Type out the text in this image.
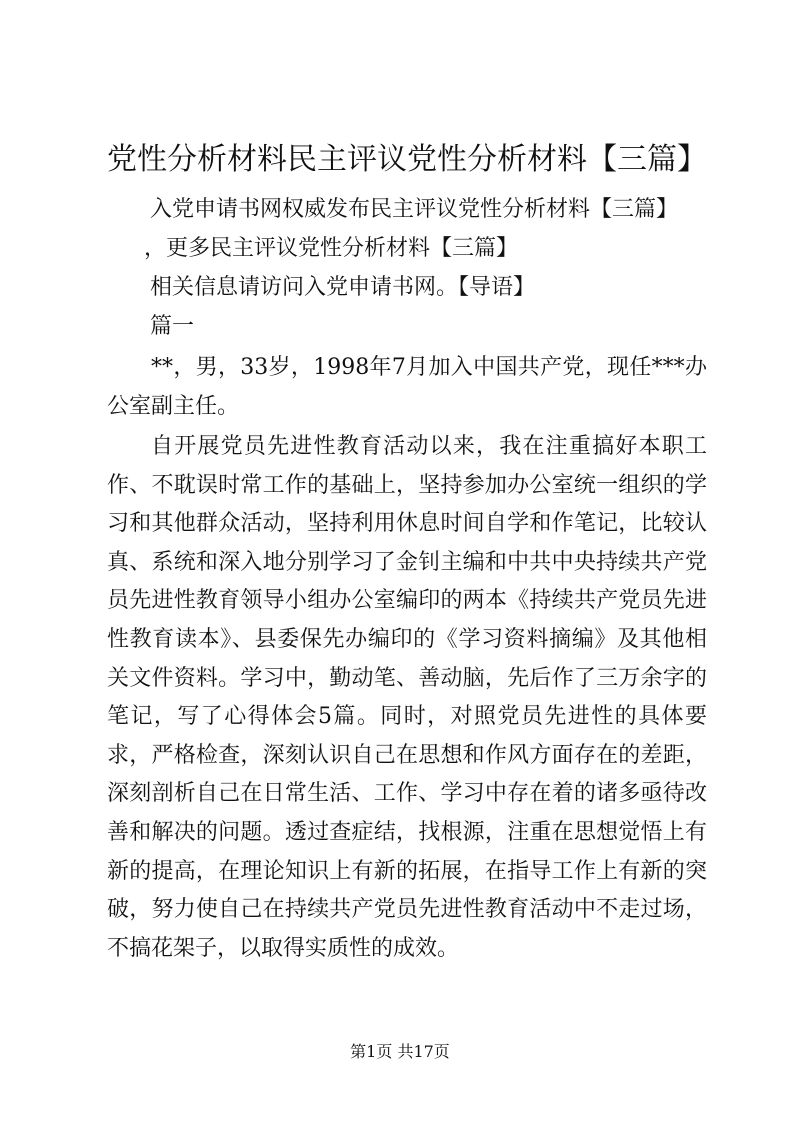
党性分析材料民主评议党性分析材料【三篇】
入党申请书网权威发布民主评议党性分析材料【三篇】
，更多民主评议党性分析材料【三篇】
相关信息请访问入党申请书网。【导语】
篇一
**，男，33岁，1998年7月加入中国共产党，现任***办公室副主任。
自开展党员先进性教育活动以来，我在注重搞好本职工作、不耽误时常工作的基础上，坚持参加办公室统一组织的学习和其他群众活动，坚持利用休息时间自学和作笔记，比较认真、系统和深入地分别学习了金钊主编和中共中央持续共产党员先进性教育领导小组办公室编印的两本《持续共产党员先进性教育读本》、县委保先办编印的《学习资料摘编》及其他相关文件资料。学习中，勤动笔、善动脑，先后作了三万余字的笔记，写了心得体会5篇。同时，对照党员先进性的具体要求，严格检查，深刻认识自己在思想和作风方面存在的差距，深刻剖析自己在日常生活、工作、学习中存在着的诸多亟待改善和解决的问题。透过查症结，找根源，注重在思想觉悟上有新的提高，在理论知识上有新的拓展，在指导工作上有新的突破，努力使自己在持续共产党员先进性教育活动中不走过场，不搞花架子，以取得实质性的成效。
第1页 共17页
